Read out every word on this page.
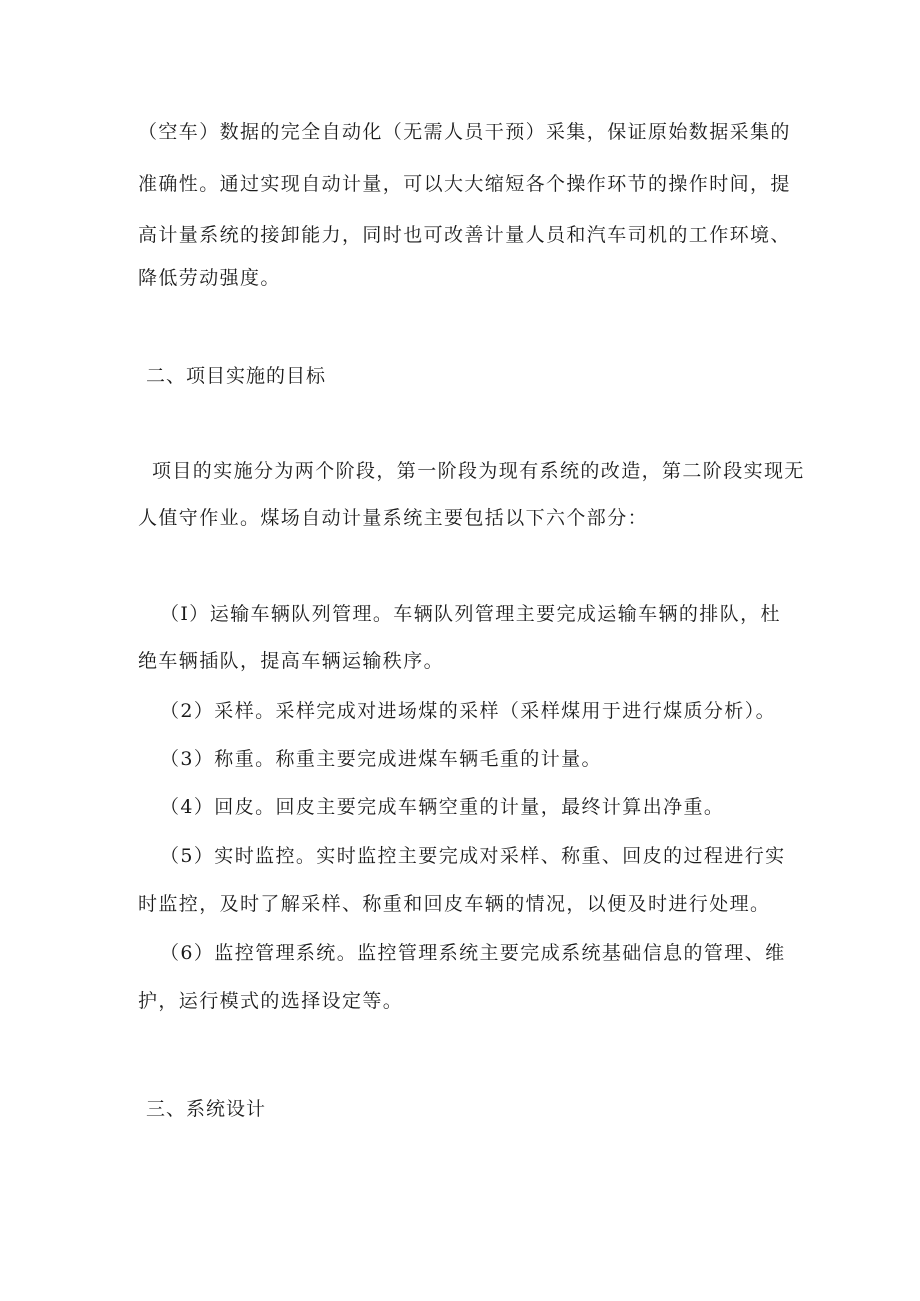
（空车）数据的完全自动化（无需人员干预）采集，保证原始数据采集的
准确性。通过实现自动计量，可以大大缩短各个操作环节的操作时间，提
高计量系统的接卸能力，同时也可改善计量人员和汽车司机的工作环境、
降低劳动强度。
二、项目实施的目标
项目的实施分为两个阶段，第一阶段为现有系统的改造，第二阶段实现无
人值守作业。煤场自动计量系统主要包括以下六个部分：
（I）运输车辆队列管理。车辆队列管理主要完成运输车辆的排队，杜
绝车辆插队，提高车辆运输秩序。
（2）采样。采样完成对进场煤的采样（采样煤用于进行煤质分析）。
（3）称重。称重主要完成进煤车辆毛重的计量。
（4）回皮。回皮主要完成车辆空重的计量，最终计算出净重。
（5）实时监控。实时监控主要完成对采样、称重、回皮的过程进行实
时监控，及时了解采样、称重和回皮车辆的情况，以便及时进行处理。
（6）监控管理系统。监控管理系统主要完成系统基础信息的管理、维
护，运行模式的选择设定等。
三、系统设计
